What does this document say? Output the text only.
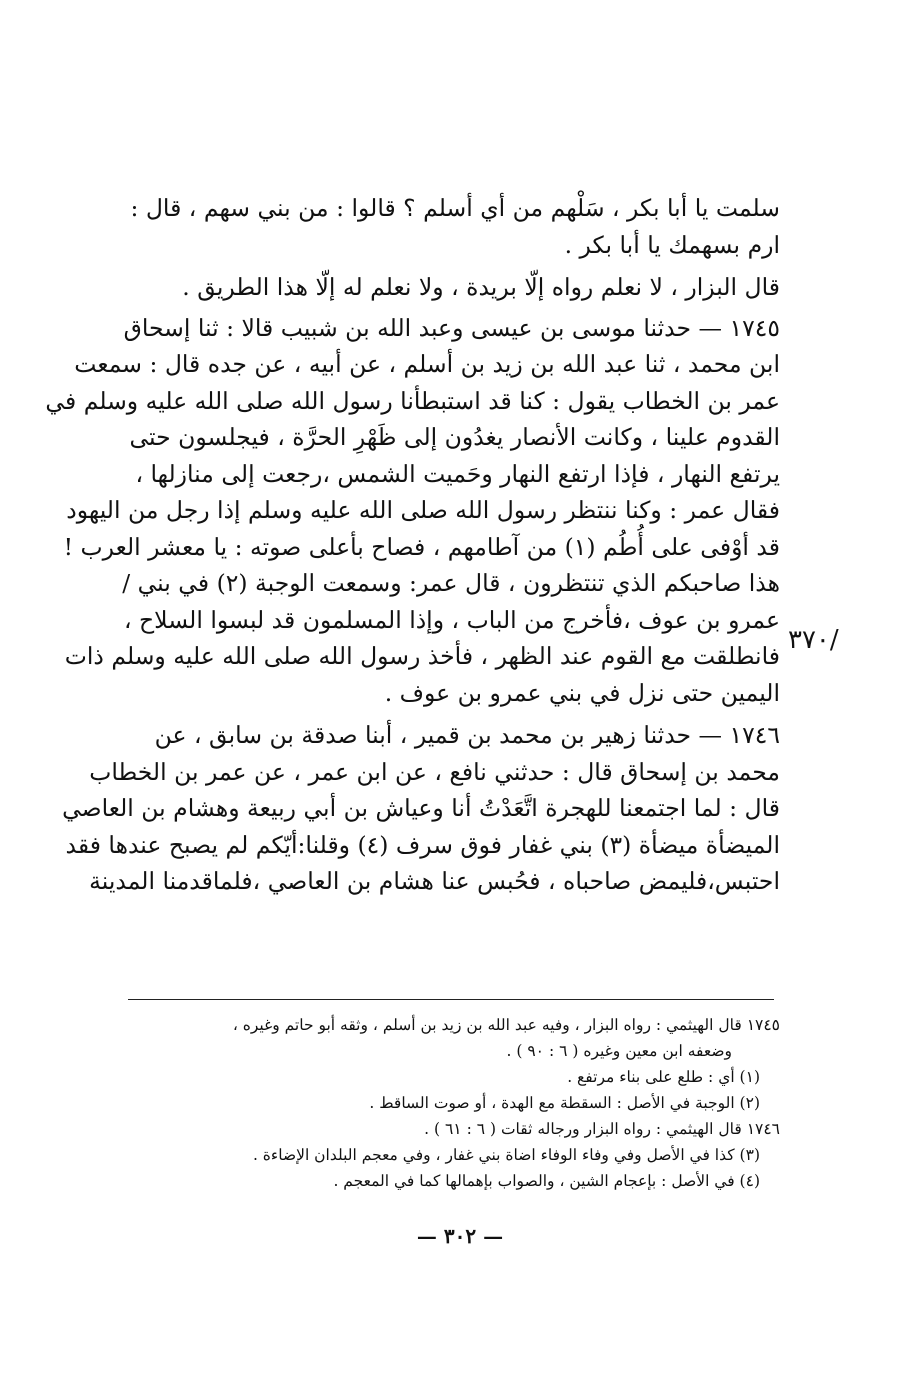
سلمت يا أبا بكر ، سَلْهم من أي أسلم ؟ قالوا : من بني سهم ، قال :
ارم بسهمك يا أبا بكر .
قال البزار ، لا نعلم رواه إلّا بريدة ، ولا نعلم له إلّا هذا الطريق .
١٧٤٥ — حدثنا موسى بن عيسى وعبد الله بن شبيب قالا : ثنا إسحاق
ابن محمد ، ثنا عبد الله بن زيد بن أسلم ، عن أبيه ، عن جده قال : سمعت
عمر بن الخطاب يقول : كنا قد استبطأنا رسول الله صلى الله عليه وسلم في
القدوم علينا ، وكانت الأنصار يغدُون إلى ظَهْرِ الحرَّة ، فيجلسون حتى
يرتفع النهار ، فإذا ارتفع النهار وحَميت الشمس ،رجعت إلى منازلها ،
فقال عمر : وكنا ننتظر رسول الله صلى الله عليه وسلم إذا رجل من اليهود
قد أوْفى على أُطُم (١) من آطامهم ، فصاح بأعلى صوته : يا معشر العرب !
هذا صاحبكم الذي تنتظرون ، قال عمر: وسمعت الوجبة (٢) في بني /
عمرو بن عوف ،فأخرج من الباب ، وإذا المسلمون قد لبسوا السلاح ،
فانطلقت مع القوم عند الظهر ، فأخذ رسول الله صلى الله عليه وسلم ذات
اليمين حتى نزل في بني عمرو بن عوف .
١٧٤٦ — حدثنا زهير بن محمد بن قمير ، أبنا صدقة بن سابق ، عن
محمد بن إسحاق قال : حدثني نافع ، عن ابن عمر ، عن عمر بن الخطاب
قال : لما اجتمعنا للهجرة اتَّعَدْتُ أنا وعياش بن أبي ربيعة وهشام بن العاصي
الميضأة ميضأة (٣) بني غفار فوق سرف (٤) وقلنا:أيّكم لم يصبح عندها فقد
احتبس،فليمض صاحباه ، فحُبس عنا هشام بن العاصي ،فلماقدمنا المدينة
/٣٧٠
١٧٤٥ قال الهيثمي : رواه البزار ، وفيه عبد الله بن زيد بن أسلم ، وثقه أبو حاتم وغيره ،
وضعفه ابن معين وغيره ( ٦ : ٩٠ ) .
(١) أي : طلع على بناء مرتفع .
(٢) الوجبة في الأصل : السقطة مع الهدة ، أو صوت الساقط .
١٧٤٦ قال الهيثمي : رواه البزار ورجاله ثقات ( ٦ : ٦١ ) .
(٣) كذا في الأصل وفي وفاء الوفاء اضاة بني غفار ، وفي معجم البلدان الإضاءة .
(٤) في الأصل : بإعجام الشين ، والصواب بإهمالها كما في المعجم .
— ٣٠٢ —
